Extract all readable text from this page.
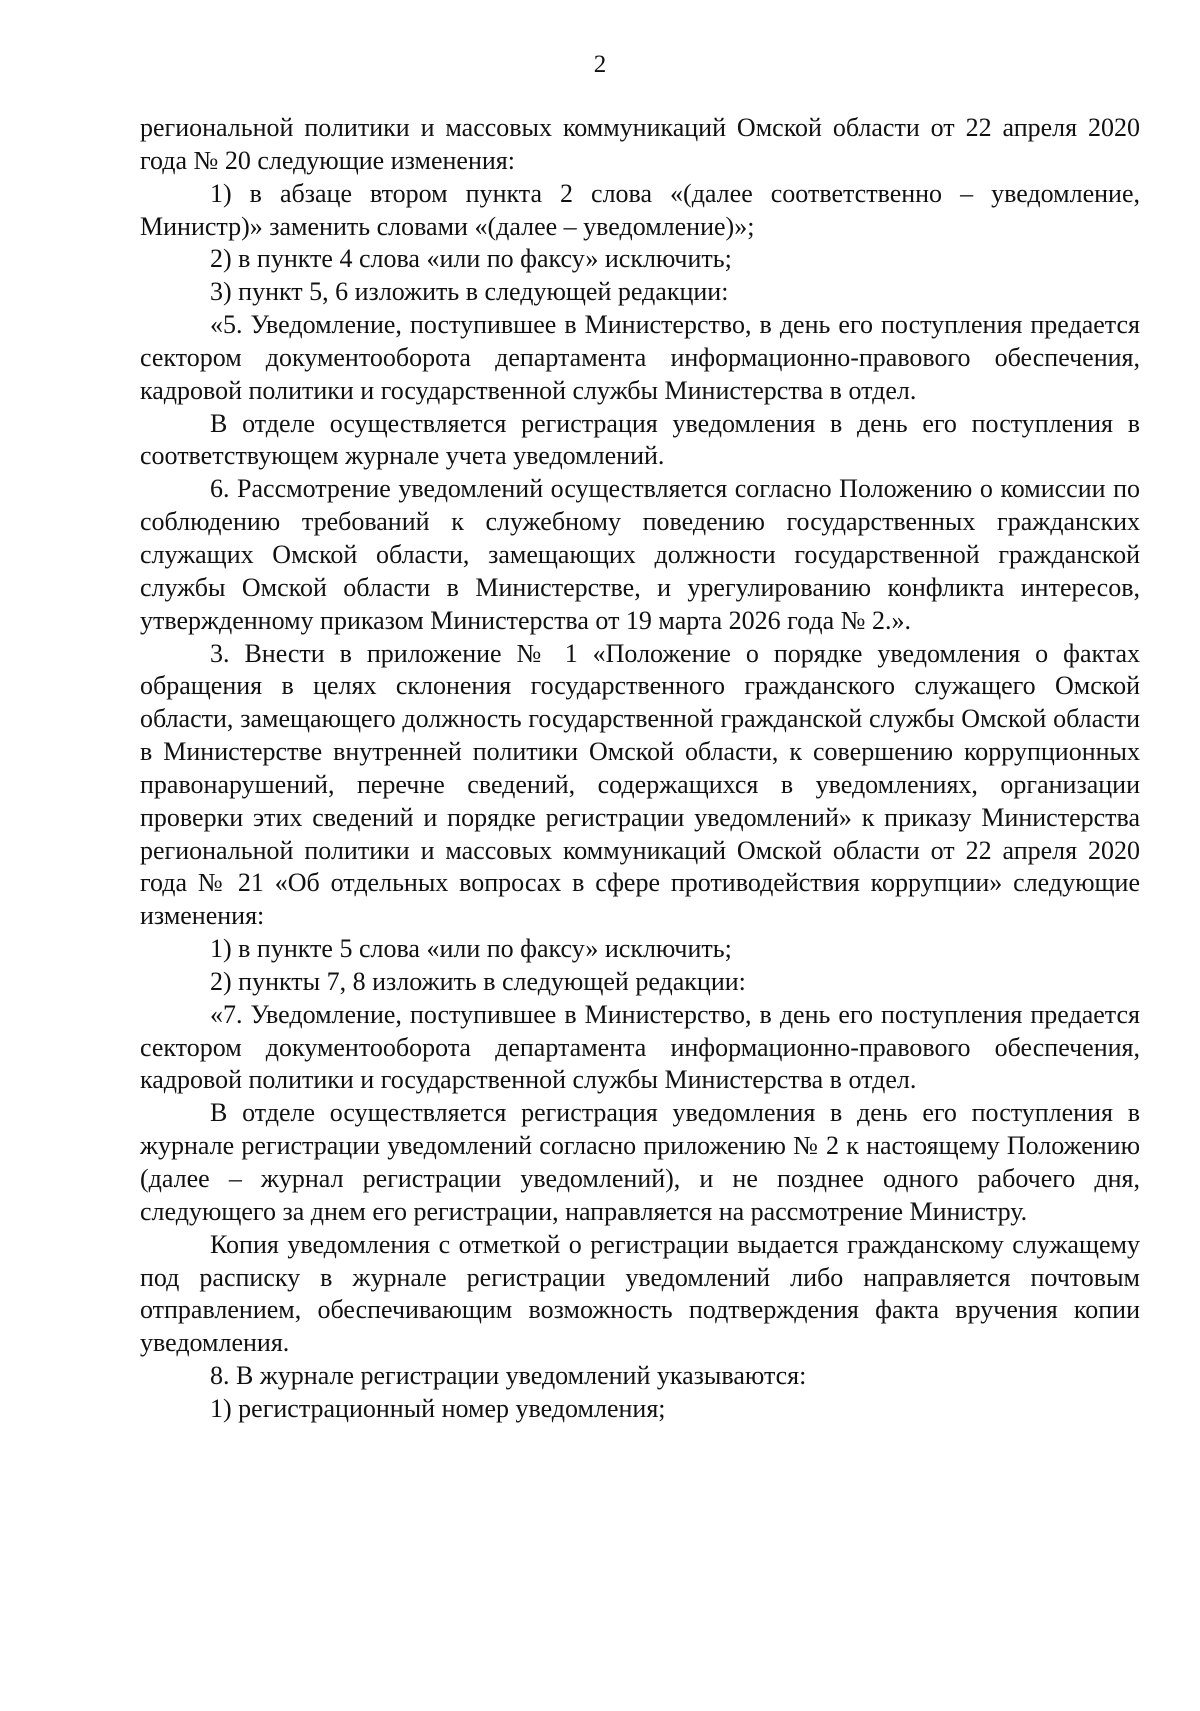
2

региональной политики и массовых коммуникаций Омской области от 22 апреля 2020 года № 20 следующие изменения:

1) в абзаце втором пункта 2 слова «(далее соответственно – уведомление, Министр)» заменить словами «(далее – уведомление)»;

2) в пункте 4 слова «или по факсу» исключить;

3) пункт 5, 6 изложить в следующей редакции:

«5. Уведомление, поступившее в Министерство, в день его поступления предается сектором документооборота департамента информационно-правового обеспечения, кадровой политики и государственной службы Министерства в отдел.

В отделе осуществляется регистрация уведомления в день его поступления в соответствующем журнале учета уведомлений.

6. Рассмотрение уведомлений осуществляется согласно Положению о комиссии по соблюдению требований к служебному поведению государственных гражданских служащих Омской области, замещающих должности государственной гражданской службы Омской области в Министерстве, и урегулированию конфликта интересов, утвержденному приказом Министерства от 19 марта 2026 года № 2.».

3. Внести в приложение № 1 «Положение о порядке уведомления о фактах обращения в целях склонения государственного гражданского служащего Омской области, замещающего должность государственной гражданской службы Омской области в Министерстве внутренней политики Омской области, к совершению коррупционных правонарушений, перечне сведений, содержащихся в уведомлениях, организации проверки этих сведений и порядке регистрации уведомлений» к приказу Министерства региональной политики и массовых коммуникаций Омской области от 22 апреля 2020 года № 21 «Об отдельных вопросах в сфере противодействия коррупции» следующие изменения:

1) в пункте 5 слова «или по факсу» исключить;

2) пункты 7, 8 изложить в следующей редакции:

«7. Уведомление, поступившее в Министерство, в день его поступления предается сектором документооборота департамента информационно-правового обеспечения, кадровой политики и государственной службы Министерства в отдел.

В отделе осуществляется регистрация уведомления в день его поступления в журнале регистрации уведомлений согласно приложению № 2 к настоящему Положению (далее – журнал регистрации уведомлений), и не позднее одного рабочего дня, следующего за днем его регистрации, направляется на рассмотрение Министру.

Копия уведомления с отметкой о регистрации выдается гражданскому служащему под расписку в журнале регистрации уведомлений либо направляется почтовым отправлением, обеспечивающим возможность подтверждения факта вручения копии уведомления.

8. В журнале регистрации уведомлений указываются:

1) регистрационный номер уведомления;
